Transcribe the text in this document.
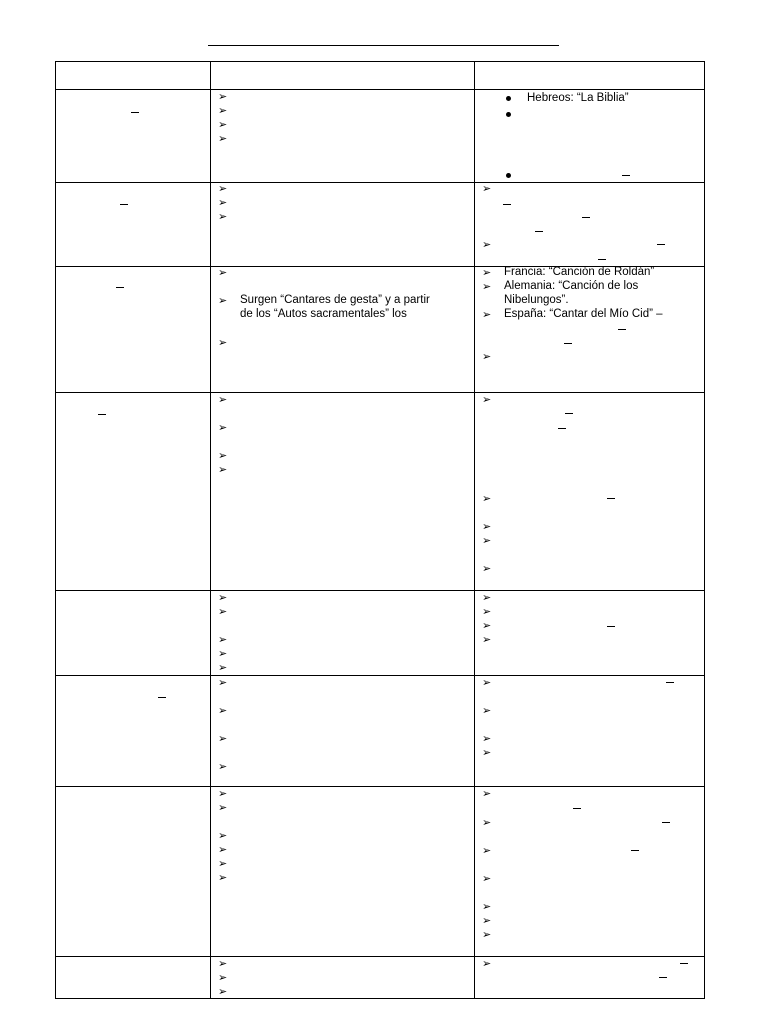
➢
➢
➢
➢
➢
➢
➢
➢
➢ Surgen “Cantares de gesta” y a partir
de los “Autos sacramentales” los
➢
➢
➢
➢
➢
➢
➢
➢
➢
➢
➢
➢
➢
➢
➢
➢
➢
➢
➢
➢
➢
➢
➢
Hebreos: “La Biblia”
➢
➢
➢ Francia: “Canción de Roldán”
➢ Alemania: “Canción de los
Nibelungos”.
➢ España: “Cantar del Mío Cid” –
➢
➢
➢
➢
➢
➢
➢
➢
➢
➢
➢
➢
➢
➢
➢
➢
➢
➢
➢
➢
➢
➢
